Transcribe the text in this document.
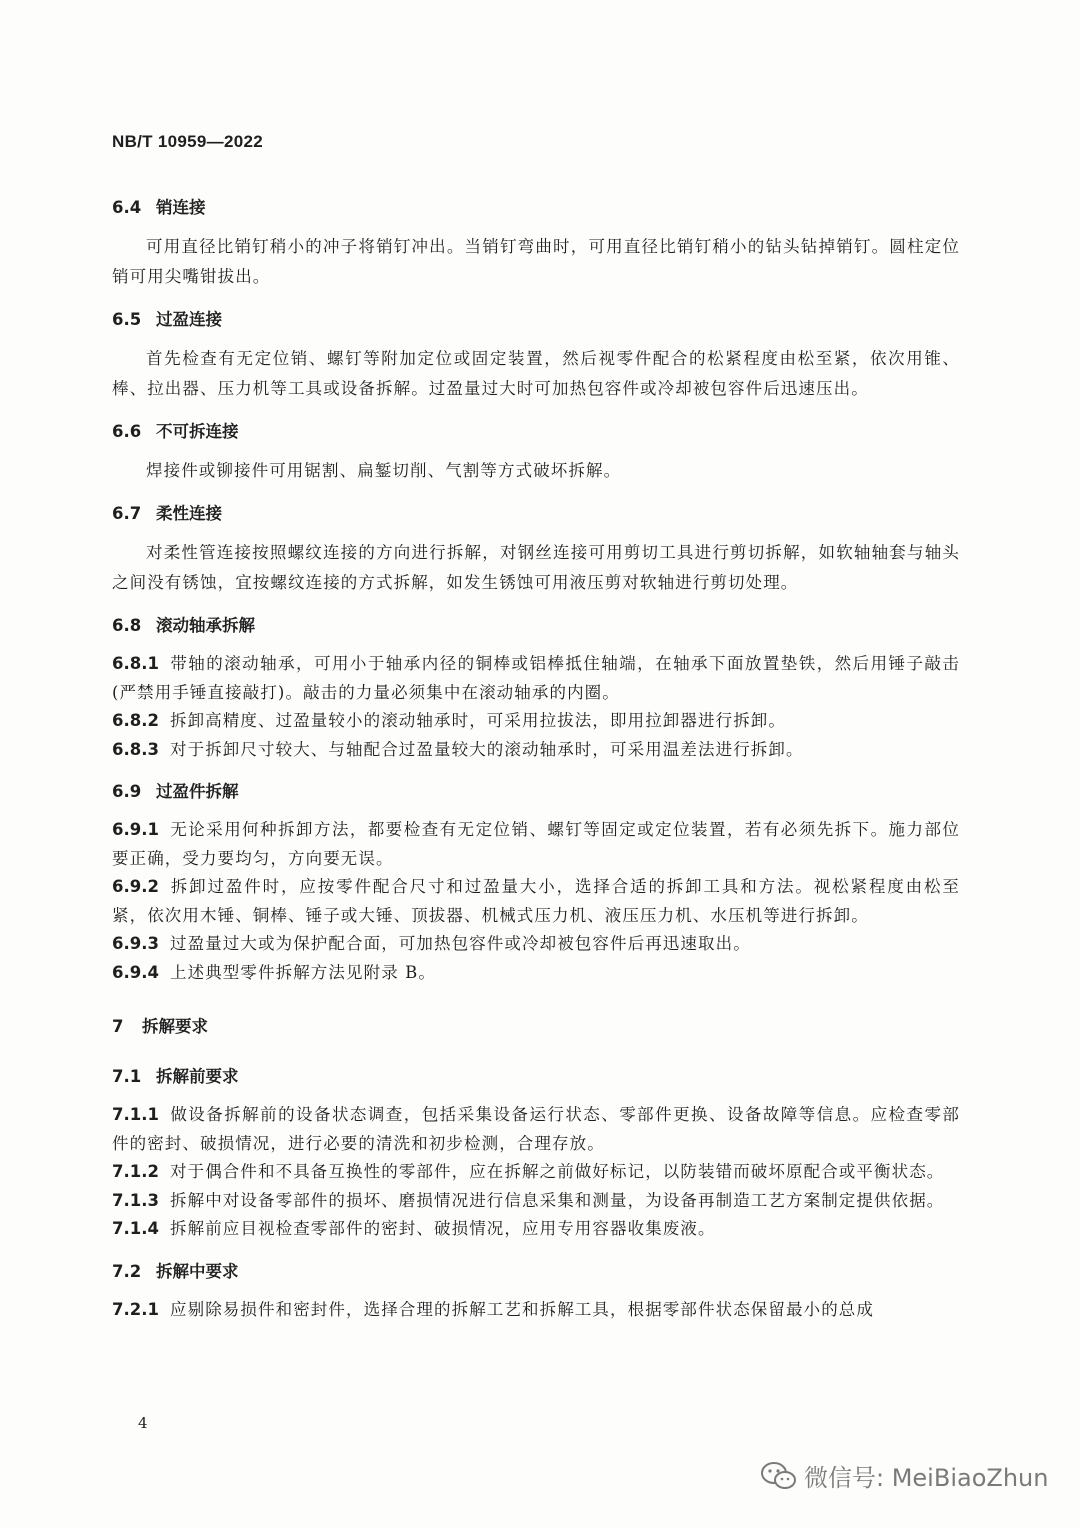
NB/T 10959—2022
6.4 销连接

可用直径比销钉稍小的冲子将销钉冲出。当销钉弯曲时，可用直径比销钉稍小的钻头钻掉销钉。圆柱定位销可用尖嘴钳拔出。

6.5 过盈连接

首先检查有无定位销、螺钉等附加定位或固定装置，然后视零件配合的松紧程度由松至紧，依次用锥、棒、拉出器、压力机等工具或设备拆解。过盈量过大时可加热包容件或冷却被包容件后迅速压出。

6.6 不可拆连接

焊接件或铆接件可用锯割、扁錾切削、气割等方式破坏拆解。

6.7 柔性连接

对柔性管连接按照螺纹连接的方向进行拆解，对钢丝连接可用剪切工具进行剪切拆解，如软轴轴套与轴头之间没有锈蚀，宜按螺纹连接的方式拆解，如发生锈蚀可用液压剪对软轴进行剪切处理。

6.8 滚动轴承拆解

6.8.1 带轴的滚动轴承，可用小于轴承内径的铜棒或铝棒抵住轴端，在轴承下面放置垫铁，然后用锤子敲击(严禁用手锤直接敲打)。敲击的力量必须集中在滚动轴承的内圈。

6.8.2 拆卸高精度、过盈量较小的滚动轴承时，可采用拉拔法，即用拉卸器进行拆卸。

6.8.3 对于拆卸尺寸较大、与轴配合过盈量较大的滚动轴承时，可采用温差法进行拆卸。

6.9 过盈件拆解

6.9.1 无论采用何种拆卸方法，都要检查有无定位销、螺钉等固定或定位装置，若有必须先拆下。施力部位要正确，受力要均匀，方向要无误。

6.9.2 拆卸过盈件时，应按零件配合尺寸和过盈量大小，选择合适的拆卸工具和方法。视松紧程度由松至紧，依次用木锤、铜棒、锤子或大锤、顶拔器、机械式压力机、液压压力机、水压机等进行拆卸。

6.9.3 过盈量过大或为保护配合面，可加热包容件或冷却被包容件后再迅速取出。

6.9.4 上述典型零件拆解方法见附录 B。

7 拆解要求
7.1 拆解前要求

7.1.1 做设备拆解前的设备状态调查，包括采集设备运行状态、零部件更换、设备故障等信息。应检查零部件的密封、破损情况，进行必要的清洗和初步检测，合理存放。

7.1.2 对于偶合件和不具备互换性的零部件，应在拆解之前做好标记，以防装错而破坏原配合或平衡状态。

7.1.3 拆解中对设备零部件的损坏、磨损情况进行信息采集和测量，为设备再制造工艺方案制定提供依据。

7.1.4 拆解前应目视检查零部件的密封、破损情况，应用专用容器收集废液。

7.2 拆解中要求

7.2.1 应剔除易损件和密封件，选择合理的拆解工艺和拆解工具，根据零部件状态保留最小的总成

4
微信号: MeiBiaoZhun
